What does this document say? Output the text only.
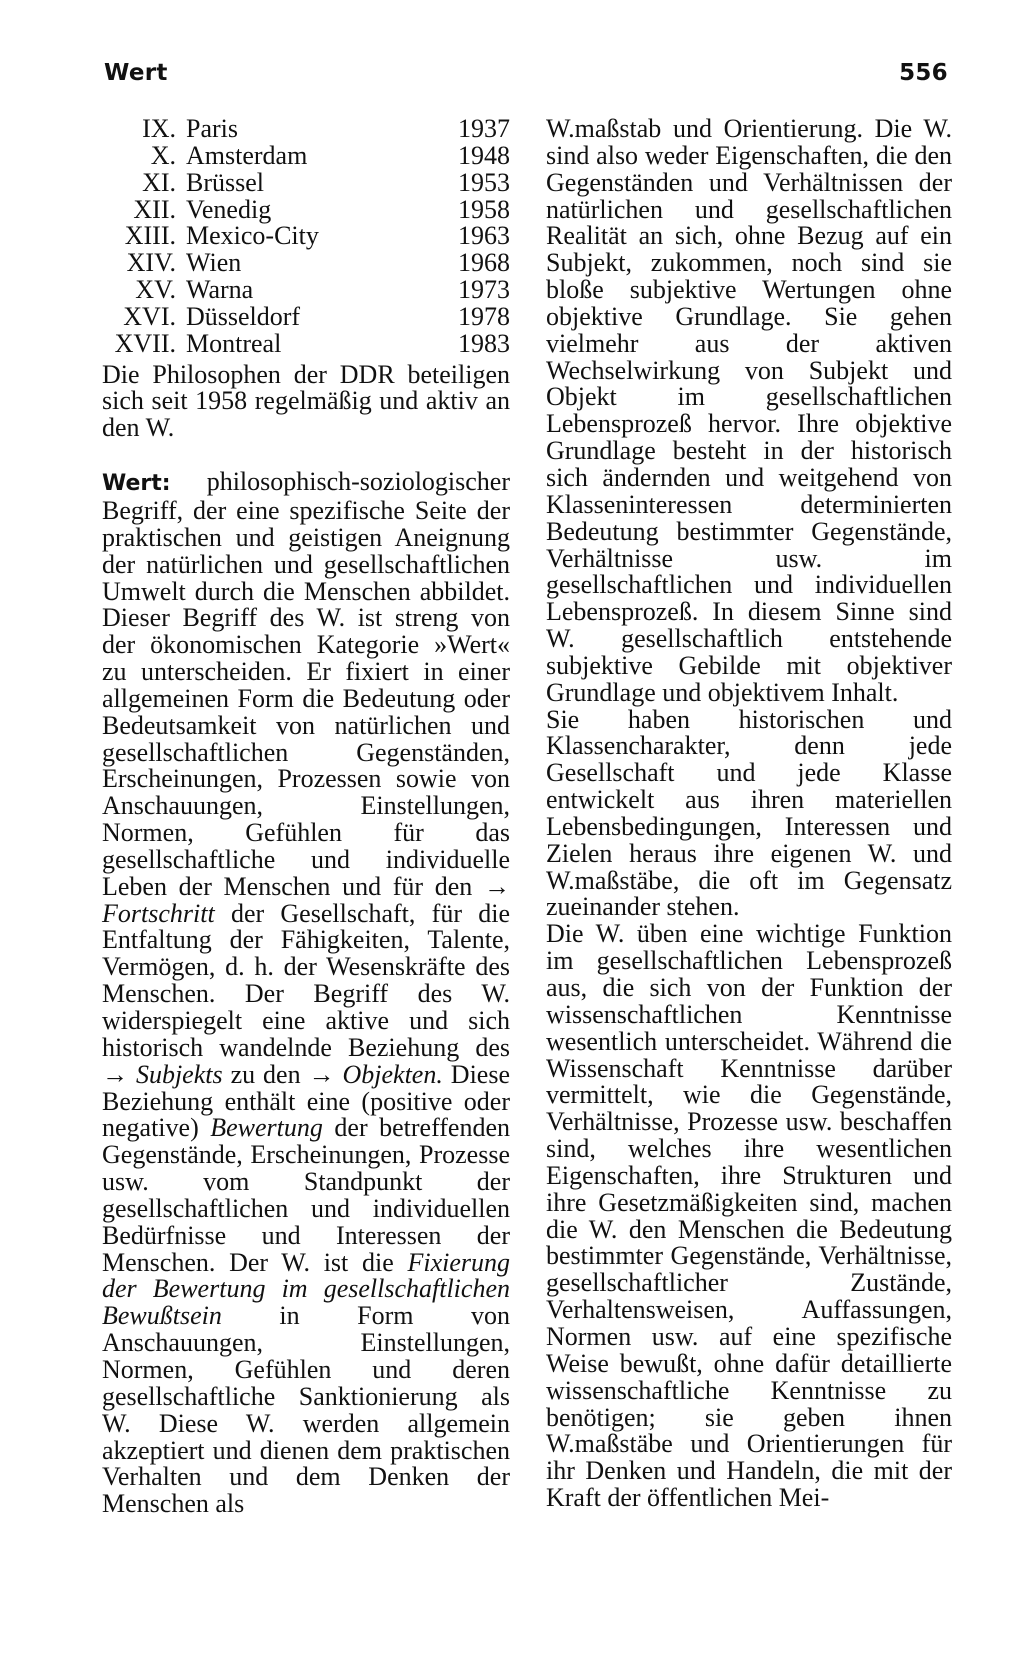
Wert	556
IX.	Paris	1937
X.	Amsterdam	1948
XI.	Brüssel	1953
XII.	Venedig	1958
XIII.	Mexico-City	1963
XIV.	Wien	1968
XV.	Warna	1973
XVI.	Düsseldorf	1978
XVII.	Montreal	1983

Die Philosophen der DDR beteiligen sich seit 1958 regelmäßig und aktiv an den W.

Wert: philosophisch-soziologischer Begriff, der eine spezifische Seite der praktischen und geistigen Aneignung der natürlichen und gesellschaftlichen Umwelt durch die Menschen abbildet. Dieser Begriff des W. ist streng von der ökonomischen Kategorie »Wert« zu unterscheiden. Er fixiert in einer allgemeinen Form die Bedeutung oder Bedeutsamkeit von natürlichen und gesellschaftlichen Gegenständen, Erscheinungen, Prozessen sowie von Anschauungen, Einstellungen, Normen, Gefühlen für das gesellschaftliche und individuelle Leben der Menschen und für den → Fortschritt der Gesellschaft, für die Entfaltung der Fähigkeiten, Talente, Vermögen, d. h. der Wesenskräfte des Menschen. Der Begriff des W. widerspiegelt eine aktive und sich historisch wandelnde Beziehung des → Subjekts zu den → Objekten. Diese Beziehung enthält eine (positive oder negative) Bewertung der betreffenden Gegenstände, Erscheinungen, Prozesse usw. vom Standpunkt der gesellschaftlichen und individuellen Bedürfnisse und Interessen der Menschen. Der W. ist die Fixierung der Bewertung im gesellschaftlichen Bewußtsein in Form von Anschauungen, Einstellungen, Normen, Gefühlen und deren gesellschaftliche Sanktionierung als W. Diese W. werden allgemein akzeptiert und dienen dem praktischen Verhalten und dem Denken der Menschen als

W.maßstab und Orientierung. Die W. sind also weder Eigenschaften, die den Gegenständen und Verhältnissen der natürlichen und gesellschaftlichen Realität an sich, ohne Bezug auf ein Subjekt, zukommen, noch sind sie bloße subjektive Wertungen ohne objektive Grundlage. Sie gehen vielmehr aus der aktiven Wechselwirkung von Subjekt und Objekt im gesellschaftlichen Lebensprozeß hervor. Ihre objektive Grundlage besteht in der historisch sich ändernden und weitgehend von Klasseninteressen determinierten Bedeutung bestimmter Gegenstände, Verhältnisse usw. im gesellschaftlichen und individuellen Lebensprozeß. In diesem Sinne sind W. gesellschaftlich entstehende subjektive Gebilde mit objektiver Grundlage und objektivem Inhalt.

Sie haben historischen und Klassencharakter, denn jede Gesellschaft und jede Klasse entwickelt aus ihren materiellen Lebensbedingungen, Interessen und Zielen heraus ihre eigenen W. und W.maßstäbe, die oft im Gegensatz zueinander stehen.

Die W. üben eine wichtige Funktion im gesellschaftlichen Lebensprozeß aus, die sich von der Funktion der wissenschaftlichen Kenntnisse wesentlich unterscheidet. Während die Wissenschaft Kenntnisse darüber vermittelt, wie die Gegenstände, Verhältnisse, Prozesse usw. beschaffen sind, welches ihre wesentlichen Eigenschaften, ihre Strukturen und ihre Gesetzmäßigkeiten sind, machen die W. den Menschen die Bedeutung bestimmter Gegenstände, Verhältnisse, gesellschaftlicher Zustände, Verhaltensweisen, Auffassungen, Normen usw. auf eine spezifische Weise bewußt, ohne dafür detaillierte wissenschaftliche Kenntnisse zu benötigen; sie geben ihnen W.maßstäbe und Orientierungen für ihr Denken und Handeln, die mit der Kraft der öffentlichen Mei-
